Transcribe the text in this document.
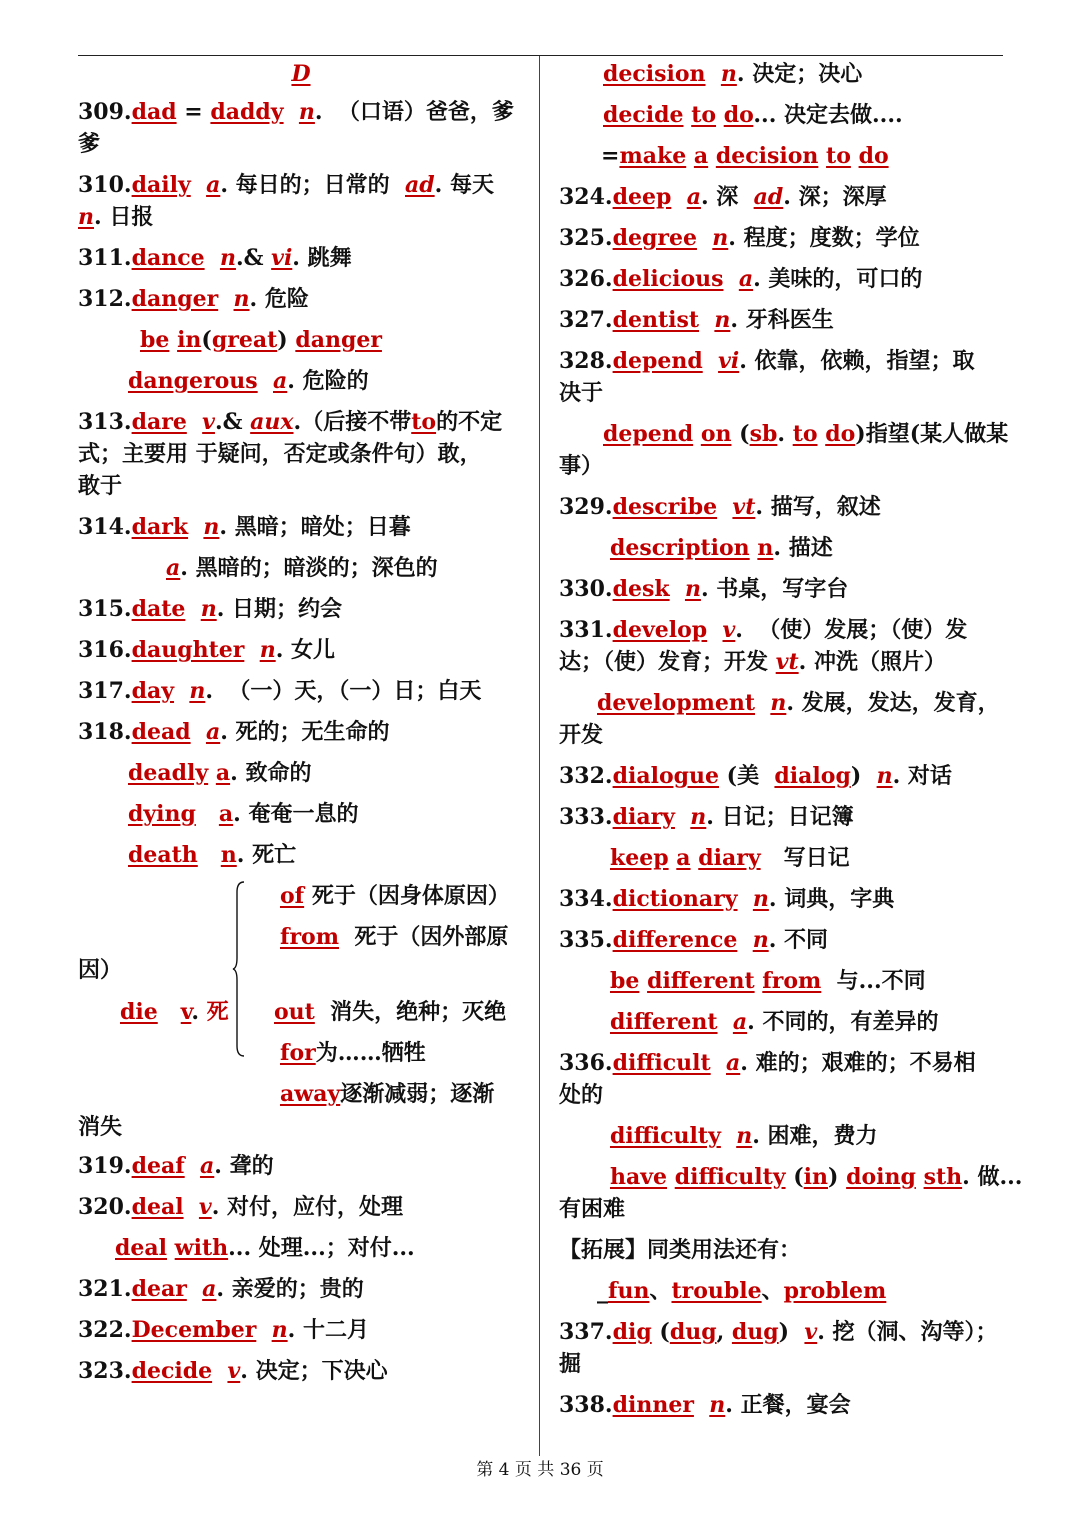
D
309.dad = daddy n.  （口语）爸爸，爹
爹
310.daily a. 每日的；日常的 ad. 每天
n. 日报
311.dance n.& vi. 跳舞
312.danger n. 危险
be in(great) danger
dangerous a. 危险的
313.dare v.& aux.（后接不带to的不定
式；主要用 于疑问，否定或条件句）敢，
敢于
314.dark n. 黑暗；暗处；日暮
a. 黑暗的；暗淡的；深色的
315.date n. 日期；约会
316.daughter n. 女儿
317.day n.  （一）天，（一）日；白天
318.dead a. 死的；无生命的
deadly a. 致命的
dying a. 奄奄一息的
death n. 死亡
of 死于（因身体原因）
from 死于（因外部原
因）
die v. 死 out 消失，绝种；灭绝
for为……牺牲
away逐渐减弱；逐渐
消失
319.deaf a. 聋的
320.deal v. 对付，应付，处理
deal with... 处理...；对付...
321.dear a. 亲爱的；贵的
322.December n. 十二月
323.decide v. 决定；下决心
decision n. 决定；决心
decide to do... 决定去做....
=make a decision to do
324.deep a. 深 ad. 深；深厚
325.degree n. 程度；度数；学位
326.delicious a. 美味的，可口的
327.dentist n. 牙科医生
328.depend vi. 依靠，依赖，指望；取
决于
depend on (sb. to do)指望(某人做某
事）
329.describe vt. 描写，叙述
description n. 描述
330.desk n. 书桌，写字台
331.develop v.  （使）发展；（使）发
达；（使）发育；开发 vt. 冲洗（照片）
development n. 发展，发达，发育，
开发
332.dialogue (美 dialog) n. 对话
333.diary n. 日记；日记簿
keep a diary 写日记
334.dictionary n. 词典，字典
335.difference n. 不同
be different from 与...不同
different a. 不同的，有差异的
336.difficult a. 难的；艰难的；不易相
处的
difficulty n. 困难，费力
have difficulty (in) doing sth. 做...
有困难
【拓展】同类用法还有：
_fun、trouble、problem
337.dig (dug, dug) v. 挖（洞、沟等）；
掘
338.dinner n. 正餐，宴会
第 4 页 共 36 页
